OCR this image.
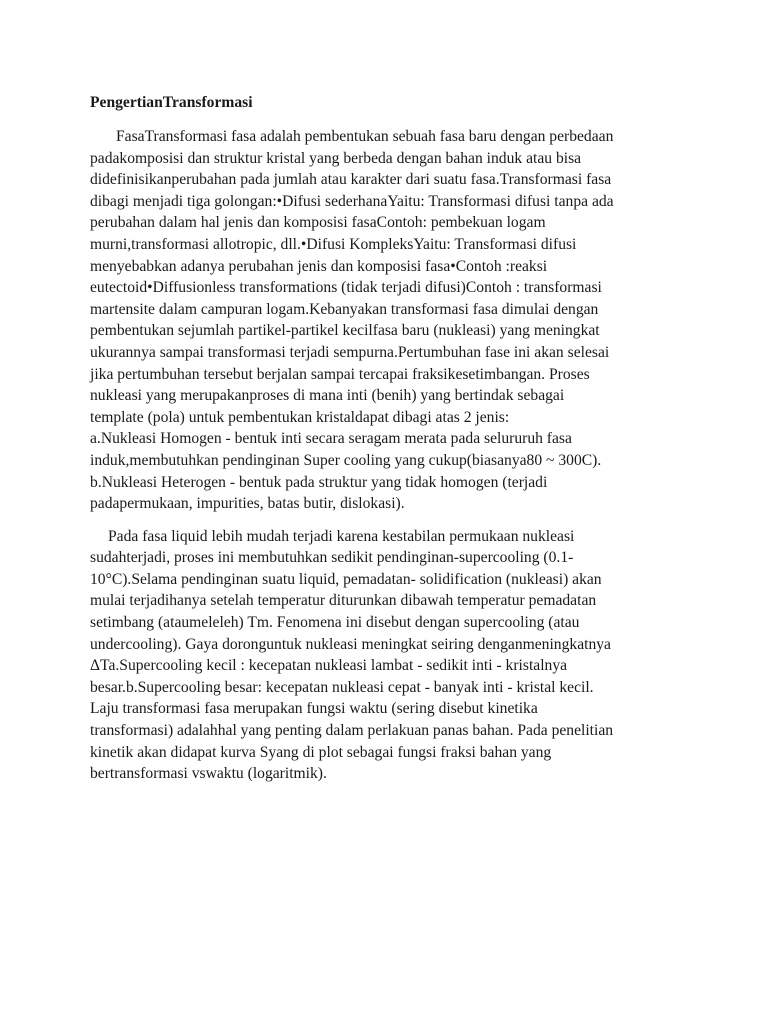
PengertianTransformasi

FasaTransformasi fasa adalah pembentukan sebuah fasa baru dengan perbedaan
padakomposisi dan struktur kristal yang berbeda dengan bahan induk atau bisa
didefinisikanperubahan pada jumlah atau karakter dari suatu fasa.Transformasi fasa
dibagi menjadi tiga golongan:•Difusi sederhanaYaitu: Transformasi difusi tanpa ada
perubahan dalam hal jenis dan komposisi fasaContoh: pembekuan logam
murni,transformasi allotropic, dll.•Difusi KompleksYaitu: Transformasi difusi
menyebabkan adanya perubahan jenis dan komposisi fasa•Contoh :reaksi
eutectoid•Diffusionless transformations (tidak terjadi difusi)Contoh : transformasi
martensite dalam campuran logam.Kebanyakan transformasi fasa dimulai dengan
pembentukan sejumlah partikel-partikel kecilfasa baru (nukleasi) yang meningkat
ukurannya sampai transformasi terjadi sempurna.Pertumbuhan fase ini akan selesai
jika pertumbuhan tersebut berjalan sampai tercapai fraksikesetimbangan. Proses
nukleasi yang merupakanproses di mana inti (benih) yang bertindak sebagai
template (pola) untuk pembentukan kristaldapat dibagi atas 2 jenis:
a.Nukleasi Homogen - bentuk inti secara seragam merata pada selururuh fasa
induk,membutuhkan pendinginan Super cooling yang cukup(biasanya80 ~ 300C).
b.Nukleasi Heterogen - bentuk pada struktur yang tidak homogen (terjadi
padapermukaan, impurities, batas butir, dislokasi).

Pada fasa liquid lebih mudah terjadi karena kestabilan permukaan nukleasi
sudahterjadi, proses ini membutuhkan sedikit pendinginan-supercooling (0.1-
10°C).Selama pendinginan suatu liquid, pemadatan- solidification (nukleasi) akan
mulai terjadihanya setelah temperatur diturunkan dibawah temperatur pemadatan
setimbang (ataumeleleh) Tm. Fenomena ini disebut dengan supercooling (atau
undercooling). Gaya doronguntuk nukleasi meningkat seiring denganmeningkatnya
ΔTa.Supercooling kecil : kecepatan nukleasi lambat - sedikit inti - kristalnya
besar.b.Supercooling besar: kecepatan nukleasi cepat - banyak inti - kristal kecil.
Laju transformasi fasa merupakan fungsi waktu (sering disebut kinetika
transformasi) adalahhal yang penting dalam perlakuan panas bahan. Pada penelitian
kinetik akan didapat kurva Syang di plot sebagai fungsi fraksi bahan yang
bertransformasi vswaktu (logaritmik).
